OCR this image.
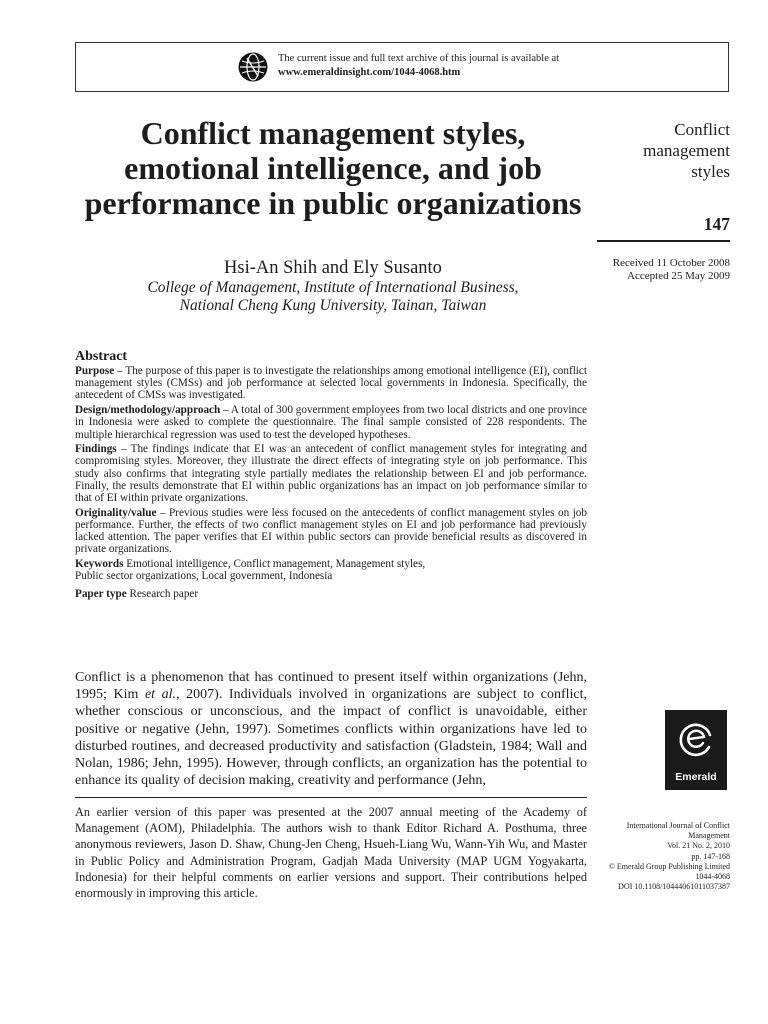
The current issue and full text archive of this journal is available at
www.emeraldinsight.com/1044-4068.htm
Conflict management styles, emotional intelligence, and job performance in public organizations
Hsi-An Shih and Ely Susanto
College of Management, Institute of International Business,
National Cheng Kung University, Tainan, Taiwan
Conflict
management
styles
147
Received 11 October 2008
Accepted 25 May 2009
Abstract

Purpose – The purpose of this paper is to investigate the relationships among emotional intelligence (EI), conflict management styles (CMSs) and job performance at selected local governments in Indonesia. Specifically, the antecedent of CMSs was investigated.

Design/methodology/approach – A total of 300 government employees from two local districts and one province in Indonesia were asked to complete the questionnaire. The final sample consisted of 228 respondents. The multiple hierarchical regression was used to test the developed hypotheses.

Findings – The findings indicate that EI was an antecedent of conflict management styles for integrating and compromising styles. Moreover, they illustrate the direct effects of integrating style on job performance. This study also confirms that integrating style partially mediates the relationship between EI and job performance. Finally, the results demonstrate that EI within public organizations has an impact on job performance similar to that of EI within private organizations.

Originality/value – Previous studies were less focused on the antecedents of conflict management styles on job performance. Further, the effects of two conflict management styles on EI and job performance had previously lacked attention. The paper verifies that EI within public sectors can provide beneficial results as discovered in private organizations.

Keywords Emotional intelligence, Conflict management, Management styles,
Public sector organizations, Local government, Indonesia

Paper type Research paper

Conflict is a phenomenon that has continued to present itself within organizations (Jehn, 1995; Kim et al., 2007). Individuals involved in organizations are subject to conflict, whether conscious or unconscious, and the impact of conflict is unavoidable, either positive or negative (Jehn, 1997). Sometimes conflicts within organizations have led to disturbed routines, and decreased productivity and satisfaction (Gladstein, 1984; Wall and Nolan, 1986; Jehn, 1995). However, through conflicts, an organization has the potential to enhance its quality of decision making, creativity and performance (Jehn,	Emerald

An earlier version of this paper was presented at the 2007 annual meeting of the Academy of Management (AOM), Philadelphia. The authors wish to thank Editor Richard A. Posthuma, three anonymous reviewers, Jason D. Shaw, Chung-Jen Cheng, Hsueh-Liang Wu, Wann-Yih Wu, and Master in Public Policy and Administration Program, Gadjah Mada University (MAP UGM Yogyakarta, Indonesia) for their helpful comments on earlier versions and support. Their contributions helped enormously in improving this article.

International Journal of Conflict
Management
Vol. 21 No. 2, 2010
pp. 147-168
© Emerald Group Publishing Limited
1044-4068
DOI 10.1108/10444061011037387
